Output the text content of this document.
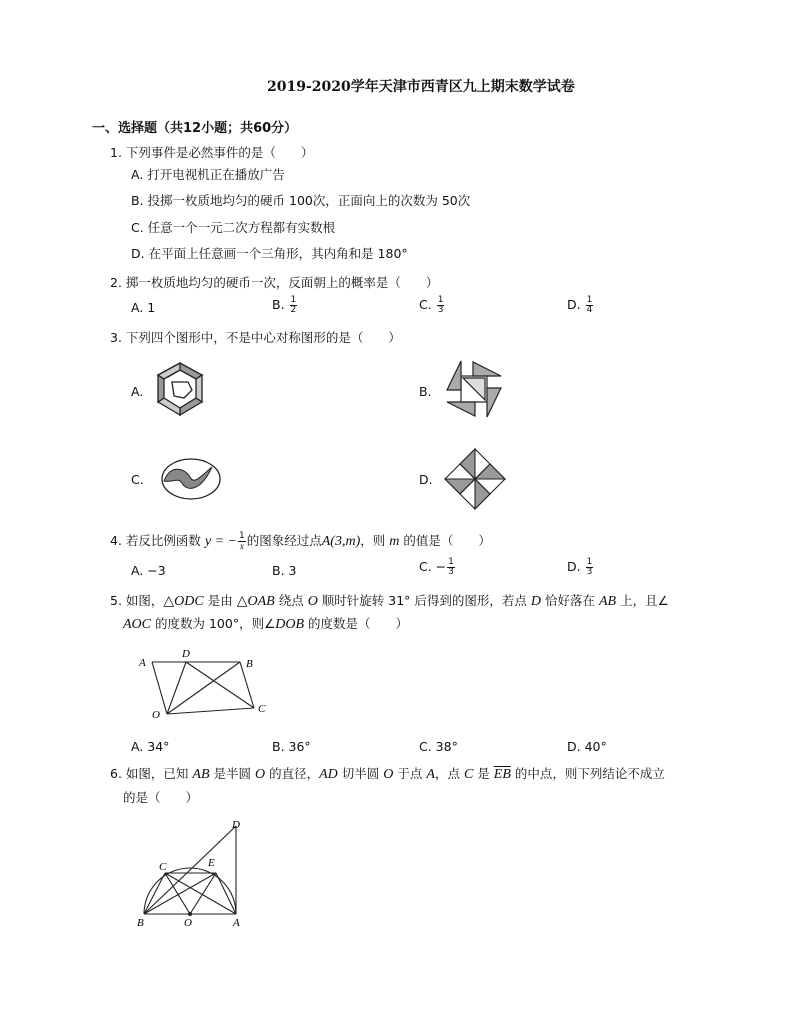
2019-2020学年天津市西青区九上期末数学试卷
一、选择题（共12小题；共60分）
1. 下列事件是必然事件的是（　　）
A. 打开电视机正在播放广告
B. 投掷一枚质地均匀的硬币 100次，正面向上的次数为 50次
C. 任意一个一元二次方程都有实数根
D. 在平面上任意画一个三角形，其内角和是 180°
2. 掷一枚质地均匀的硬币一次，反面朝上的概率是（　　）
A. 1	B. $\frac{1}{2}$	C. $\frac{1}{3}$	D. $\frac{1}{4}$
3. 下列四个图形中，不是中心对称图形的是（　　）
A.	B.
C.	D.
4. 若反比例函数 y = − $\frac{1}{x}$ 的图象经过点A(3,m)，则 m 的值是（　　）
A. −3	B. 3	C. − $\frac{1}{3}$	D. $\frac{1}{3}$
5. 如图，△ODC 是由 △OAB 绕点 O 顺时针旋转 31° 后得到的图形，若点 D 恰好落在 AB 上，且∠
AOC 的度数为 100°，则∠DOB 的度数是（　　）
A
D
B
O	C
A. 34°	B. 36°	C. 38°	D. 40°
6. 如图，已知 AB 是半圆 O 的直径，AD 切半圆 O 于点 A，点 C 是 $\overline{EB}$ 的中点，则下列结论不成立
的是（　　）
D
C	E
B	O	A
